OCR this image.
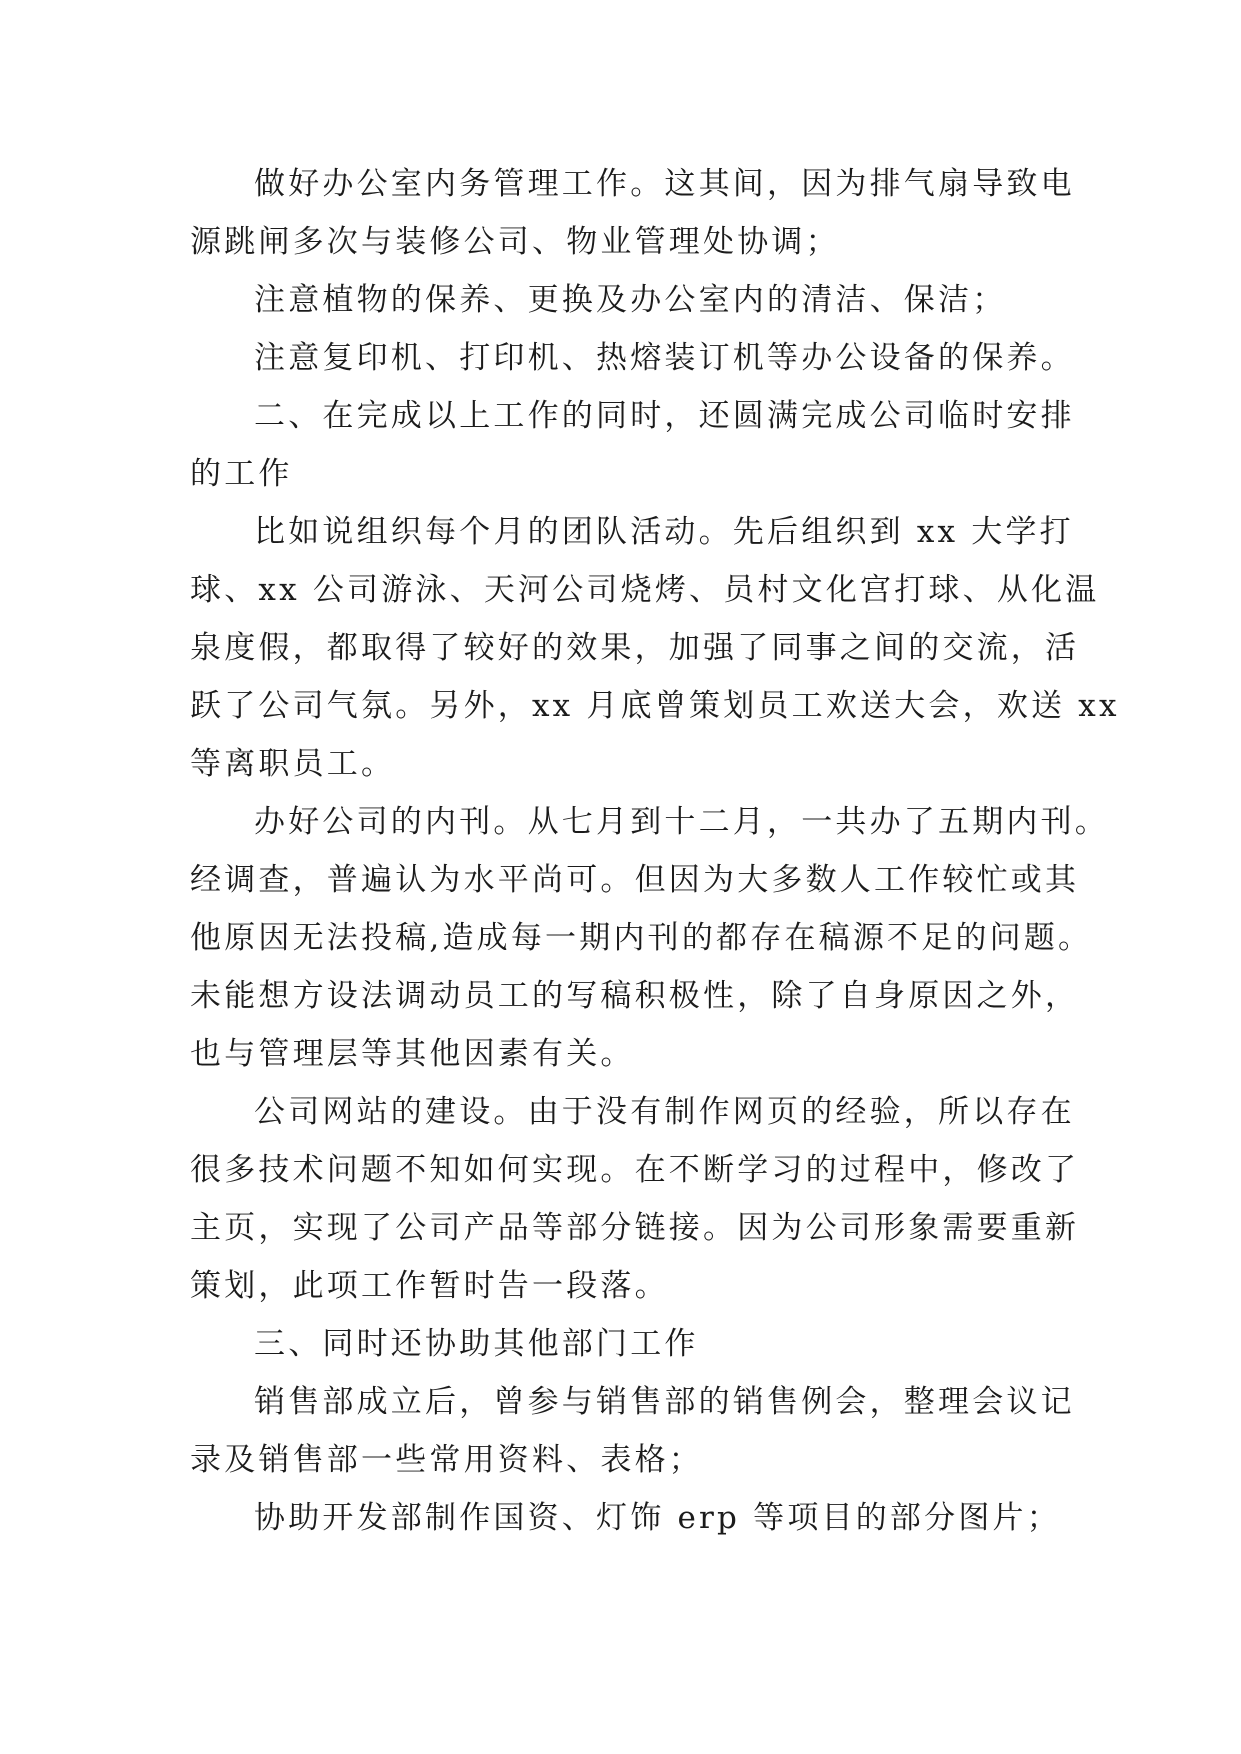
做好办公室内务管理工作。这其间，因为排气扇导致电
源跳闸多次与装修公司、物业管理处协调；
注意植物的保养、更换及办公室内的清洁、保洁；
注意复印机、打印机、热熔装订机等办公设备的保养。
二、在完成以上工作的同时，还圆满完成公司临时安排
的工作
比如说组织每个月的团队活动。先后组织到 xx 大学打
球、xx 公司游泳、天河公司烧烤、员村文化宫打球、从化温
泉度假，都取得了较好的效果，加强了同事之间的交流，活
跃了公司气氛。另外，xx 月底曾策划员工欢送大会，欢送 xx
等离职员工。
办好公司的内刊。从七月到十二月，一共办了五期内刊。
经调查，普遍认为水平尚可。但因为大多数人工作较忙或其
他原因无法投稿,造成每一期内刊的都存在稿源不足的问题。
未能想方设法调动员工的写稿积极性，除了自身原因之外，
也与管理层等其他因素有关。
公司网站的建设。由于没有制作网页的经验，所以存在
很多技术问题不知如何实现。在不断学习的过程中，修改了
主页，实现了公司产品等部分链接。因为公司形象需要重新
策划，此项工作暂时告一段落。
三、同时还协助其他部门工作
销售部成立后，曾参与销售部的销售例会，整理会议记
录及销售部一些常用资料、表格；
协助开发部制作国资、灯饰 erp 等项目的部分图片；
